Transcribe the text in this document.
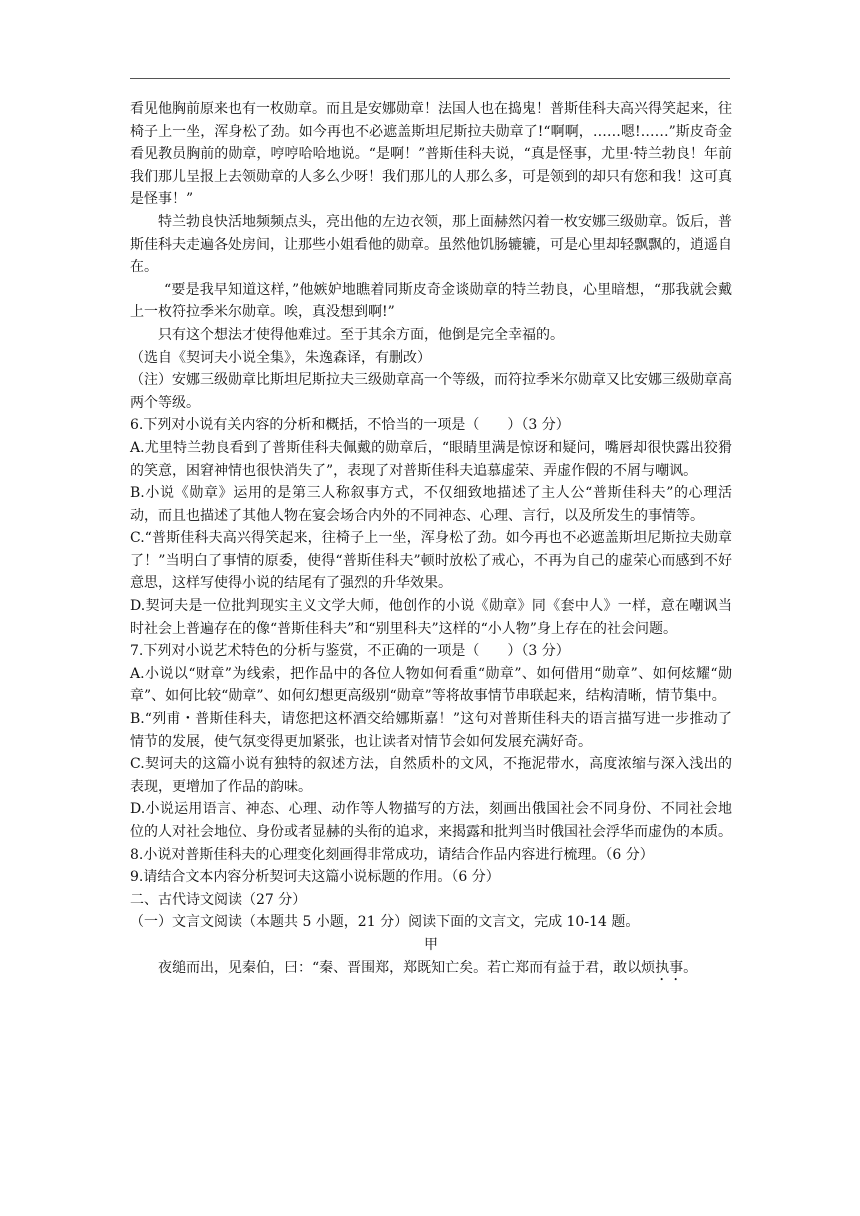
看见他胸前原来也有一枚勋章。而且是安娜勋章！法国人也在捣鬼！普斯佳科夫高兴得笑起来，往椅子上一坐，浑身松了劲。如今再也不必遮盖斯坦尼斯拉夫勋章了!“啊啊，……嗯!……”斯皮奇金看见教员胸前的勋章，哼哼哈哈地说。“是啊！”普斯佳科夫说，“真是怪事，尤里·特兰勃良！年前我们那儿呈报上去领勋章的人多么少呀！我们那儿的人那么多，可是领到的却只有您和我！这可真是怪事！”

特兰勃良快活地频频点头，亮出他的左边衣领，那上面赫然闪着一枚安娜三级勋章。饭后，普斯佳科夫走遍各处房间，让那些小姐看他的勋章。虽然他饥肠辘辘，可是心里却轻飘飘的，逍遥自在。

“要是我早知道这样，”他嫉妒地瞧着同斯皮奇金谈勋章的特兰勃良，心里暗想，“那我就会戴上一枚符拉季米尔勋章。唉，真没想到啊!”

只有这个想法才使得他难过。至于其余方面，他倒是完全幸福的。

（选自《契诃夫小说全集》，朱逸森译，有删改）

（注）安娜三级勋章比斯坦尼斯拉夫三级勋章高一个等级，而符拉季米尔勋章又比安娜三级勋章高两个等级。

6.下列对小说有关内容的分析和概括，不恰当的一项是（　　）（3 分）

A.尤里特兰勃良看到了普斯佳科夫佩戴的勋章后，“眼睛里满是惊讶和疑问，嘴唇却很快露出狡猾的笑意，困窘神情也很快消失了”，表现了对普斯佳科夫追慕虚荣、弄虚作假的不屑与嘲讽。

B.小说《勋章》运用的是第三人称叙事方式，不仅细致地描述了主人公“普斯佳科夫”的心理活动，而且也描述了其他人物在宴会场合内外的不同神态、心理、言行，以及所发生的事情等。

C.“普斯佳科夫高兴得笑起来，往椅子上一坐，浑身松了劲。如今再也不必遮盖斯坦尼斯拉夫勋章了！”当明白了事情的原委，使得“普斯佳科夫”顿时放松了戒心，不再为自己的虚荣心而感到不好意思，这样写使得小说的结尾有了强烈的升华效果。

D.契诃夫是一位批判现实主义文学大师，他创作的小说《勋章》同《套中人》一样，意在嘲讽当时社会上普遍存在的像“普斯佳科夫”和“别里科夫”这样的“小人物”身上存在的社会问题。

7.下列对小说艺术特色的分析与鉴赏，不正确的一项是（　　）（3 分）

A.小说以“财章”为线索，把作品中的各位人物如何看重“勋章”、如何借用“勋章”、如何炫耀“勋章”、如何比较“勋章”、如何幻想更高级别“勋章”等将故事情节串联起来，结构清晰，情节集中。

B.“列甫・普斯佳科夫，请您把这杯酒交给娜斯嘉！”这句对普斯佳科夫的语言描写进一步推动了情节的发展，使气氛变得更加紧张，也让读者对情节会如何发展充满好奇。

C.契诃夫的这篇小说有独特的叙述方法，自然质朴的文风，不拖泥带水，高度浓缩与深入浅出的表现，更增加了作品的韵味。

D.小说运用语言、神态、心理、动作等人物描写的方法，刻画出俄国社会不同身份、不同社会地位的人对社会地位、身份或者显赫的头衔的追求，来揭露和批判当时俄国社会浮华而虚伪的本质。

8.小说对普斯佳科夫的心理变化刻画得非常成功，请结合作品内容进行梳理。（6 分）

9.请结合文本内容分析契诃夫这篇小说标题的作用。（6 分）

二、古代诗文阅读（27 分）

（一）文言文阅读（本题共 5 小题，21 分）阅读下面的文言文，完成 10-14 题。

甲

夜缒而出，见秦伯，曰：“秦、晋围郑，郑既知亡矣。若亡郑而有益于君，敢以烦执事。
